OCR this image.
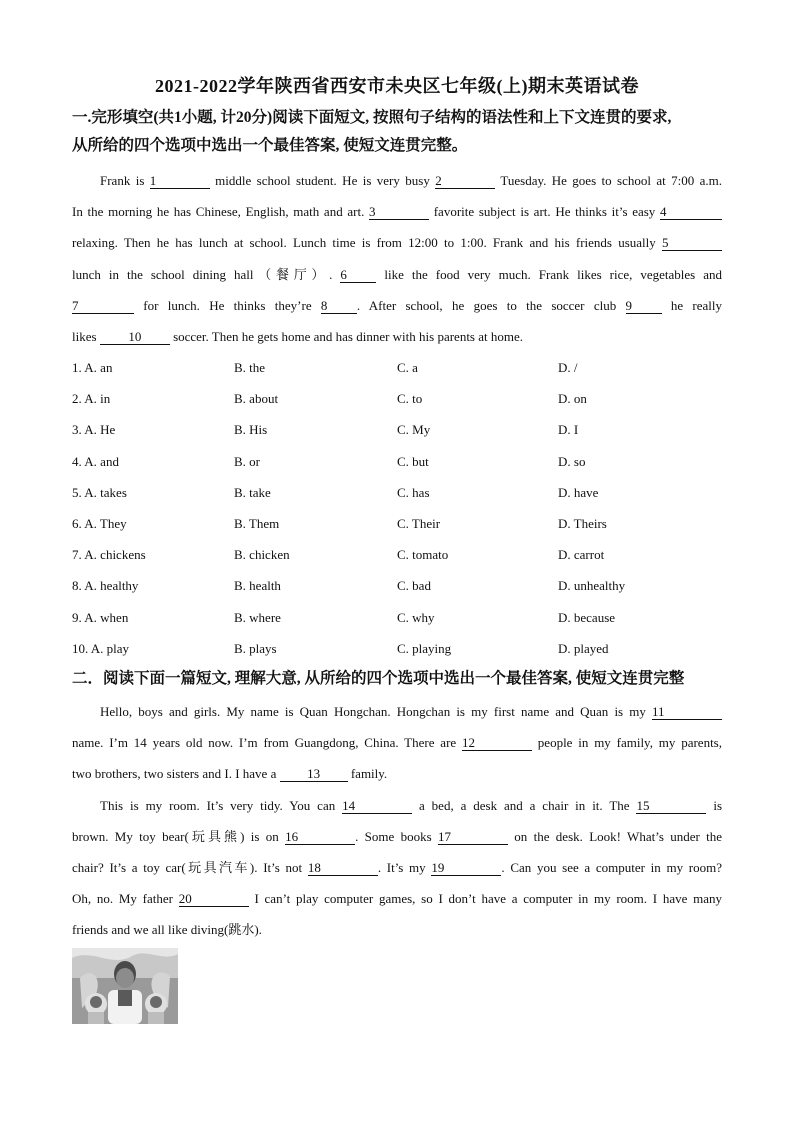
2021-2022学年陕西省西安市未央区七年级(上)期末英语试卷
一.完形填空(共1小题, 计20分)阅读下面短文, 按照句子结构的语法性和上下文连贯的要求,
从所给的四个选项中选出一个最佳答案, 使短文连贯完整。
Frank is 1	middle school student. He is very busy 2	Tuesday. He goes to school at 7:00 a.m.
In the morning he has Chinese, English, math and art. 3	favorite subject is art. He thinks it’s easy 4
relaxing. Then he has lunch at school. Lunch time is from 12:00 to 1:00. Frank and his friends usually 5
lunch in the school dining hall（餐厅）. 6 like the food very much. Frank likes rice, vegetables and
7	for lunch. He thinks they’re 8 . After school, he goes to the soccer club 9 he really
likes 10 soccer. Then he gets home and has dinner with his parents at home.
1. A. an	B. the	C. a	D. /
2. A. in	B. about	C. to	D. on
3. A. He	B. His	C. My	D. I
4. A. and	B. or	C. but	D. so
5. A. takes	B. take	C. has	D. have
6. A. They	B. Them	C. Their	D. Theirs
7. A. chickens	B. chicken	C. tomato	D. carrot
8. A. healthy	B. health	C. bad	D. unhealthy
9. A. when	B. where	C. why	D. because
10. A. play	B. plays	C. playing	D. played
二．阅读下面一篇短文, 理解大意, 从所给的四个选项中选出一个最佳答案, 使短文连贯完整
Hello, boys and girls. My name is Quan Hongchan. Hongchan is my first name and Quan is my 11
name. I’m 14 years old now. I’m from Guangdong, China. There are 12	people in my family, my parents,
two brothers, two sisters and I. I have a 13 family.
This is my room. It’s very tidy. You can 14	a bed, a desk and a chair in it. The 15	is
brown. My toy bear(玩具熊) is on 16	. Some books 17	on the desk. Look! What’s under the
chair? It’s a toy car(玩具汽车). It’s not 18	. It’s my 19	. Can you see a computer in my room?
Oh, no. My father 20	I can’t play computer games, so I don’t have a computer in my room. I have many
friends and we all like diving(跳水).
